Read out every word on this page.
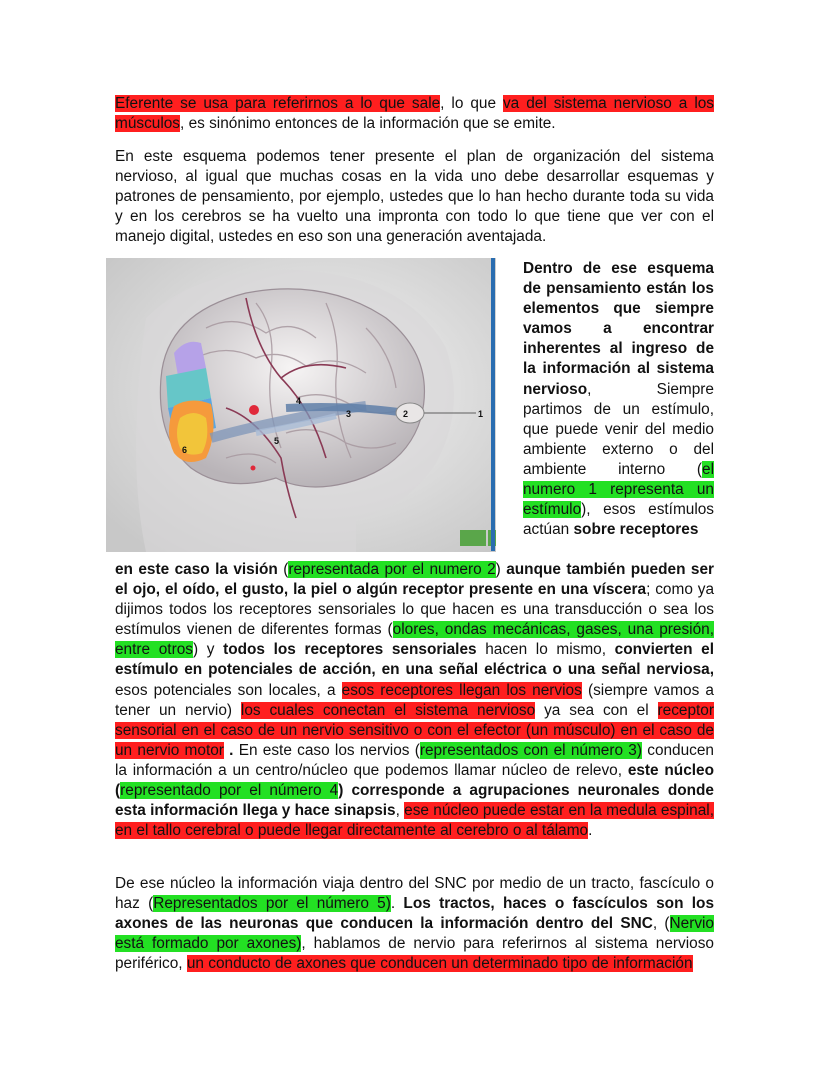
Eferente se usa para referirnos a lo que sale, lo que va del sistema nervioso a los músculos, es sinónimo entonces de la información que se emite.

En este esquema podemos tener presente el plan de organización del sistema nervioso, al igual que muchas cosas en la vida uno debe desarrollar esquemas y patrones de pensamiento, por ejemplo, ustedes que lo han hecho durante toda su vida y en los cerebros se ha vuelto una impronta con todo lo que tiene que ver con el manejo digital, ustedes en eso son una generación aventajada.

1
2
3
4
5
6

Dentro de ese esquema de pensamiento están los elementos que siempre vamos a encontrar inherentes al ingreso de la información al sistema nervioso, Siempre partimos de un estímulo, que puede venir del medio ambiente externo o del ambiente interno (el numero 1 representa un estímulo), esos estímulos actúan sobre receptores

en este caso la visión (representada por el numero 2) aunque también pueden ser el ojo, el oído, el gusto, la piel o algún receptor presente en una víscera; como ya dijimos todos los receptores sensoriales lo que hacen es una transducción o sea los estímulos vienen de diferentes formas (olores, ondas mecánicas, gases, una presión, entre otros) y todos los receptores sensoriales hacen lo mismo, convierten el estímulo en potenciales de acción, en una señal eléctrica o una señal nerviosa, esos potenciales son locales, a esos receptores llegan los nervios (siempre vamos a tener un nervio) los cuales conectan el sistema nervioso ya sea con el receptor sensorial en el caso de un nervio sensitivo o con el efector (un músculo) en el caso de un nervio motor . En este caso los nervios (representados con el número 3) conducen la información a un centro/núcleo que podemos llamar núcleo de relevo, este núcleo (representado por el número 4) corresponde a agrupaciones neuronales donde esta información llega y hace sinapsis, ese núcleo puede estar en la medula espinal, en el tallo cerebral o puede llegar directamente al cerebro o al tálamo.

De ese núcleo la información viaja dentro del SNC por medio de un tracto, fascículo o haz (Representados por el número 5). Los tractos, haces o fascículos son los axones de las neuronas que conducen la información dentro del SNC, (Nervio está formado por axones), hablamos de nervio para referirnos al sistema nervioso periférico, un conducto de axones que conducen un determinado tipo de información
